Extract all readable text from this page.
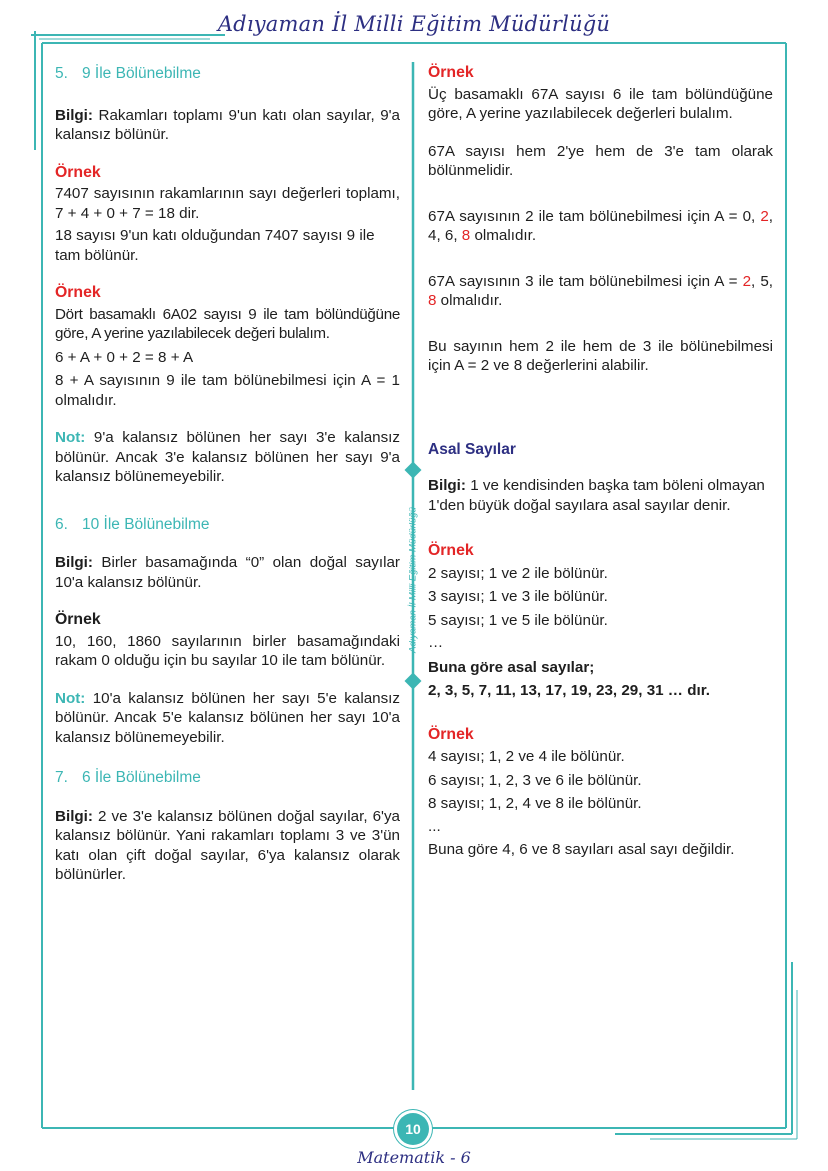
Adıyaman İl Milli Eğitim Müdürlüğü
Adıyaman İl Milli Eğitim Müdürlüğü

5. 9 İle Bölünebilme

Bilgi: Rakamları toplamı 9'un katı olan sayılar, 9'a kalansız bölünür.

Örnek

7407 sayısının rakamlarının sayı değerleri toplamı, 7 + 4 + 0 + 7 = 18 dir.

18 sayısı 9'un katı olduğundan 7407 sayısı 9 ile tam bölünür.

Örnek

Dört basamaklı 6A02 sayısı 9 ile tam bölündüğüne göre, A yerine yazılabilecek değeri bulalım.

6 + A + 0 + 2 = 8 + A

8 + A sayısının 9 ile tam bölünebilmesi için A = 1 olmalıdır.

Not: 9'a kalansız bölünen her sayı 3'e kalansız bölünür. Ancak 3'e kalansız bölünen her sayı 9'a kalansız bölünemeyebilir.

6. 10 İle Bölünebilme

Bilgi: Birler basamağında “0” olan doğal sayılar 10'a kalansız bölünür.

Örnek

10, 160, 1860 sayılarının birler basamağındaki rakam 0 olduğu için bu sayılar 10 ile tam bölünür.

Not: 10'a kalansız bölünen her sayı 5'e kalansız bölünür. Ancak 5'e kalansız bölünen her sayı 10'a kalansız bölünemeyebilir.

7. 6 İle Bölünebilme

Bilgi: 2 ve 3'e kalansız bölünen doğal sayılar, 6'ya kalansız bölünür. Yani rakamları toplamı 3 ve 3'ün katı olan çift doğal sayılar, 6'ya kalansız olarak bölünürler.

Örnek

Üç basamaklı 67A sayısı 6 ile tam bölündüğüne göre, A yerine yazılabilecek değerleri bulalım.

67A sayısı hem 2'ye hem de 3'e tam olarak bölünmelidir.

67A sayısının 2 ile tam bölünebilmesi için A = 0, 2, 4, 6, 8 olmalıdır.

67A sayısının 3 ile tam bölünebilmesi için A = 2, 5, 8 olmalıdır.

Bu sayının hem 2 ile hem de 3 ile bölünebilmesi için A = 2 ve 8 değerlerini alabilir.

Asal Sayılar

Bilgi: 1 ve kendisinden başka tam böleni olmayan 1'den büyük doğal sayılara asal sayılar denir.

Örnek

2 sayısı; 1 ve 2 ile bölünür.

3 sayısı; 1 ve 3 ile bölünür.

5 sayısı; 1 ve 5 ile bölünür.

…

Buna göre asal sayılar;

2, 3, 5, 7, 11, 13, 17, 19, 23, 29, 31 … dır.

Örnek

4 sayısı; 1, 2 ve 4 ile bölünür.

6 sayısı; 1, 2, 3 ve 6 ile bölünür.

8 sayısı; 1, 2, 4 ve 8 ile bölünür.

...

Buna göre 4, 6 ve 8 sayıları asal sayı değildir.

10
Matematik - 6
